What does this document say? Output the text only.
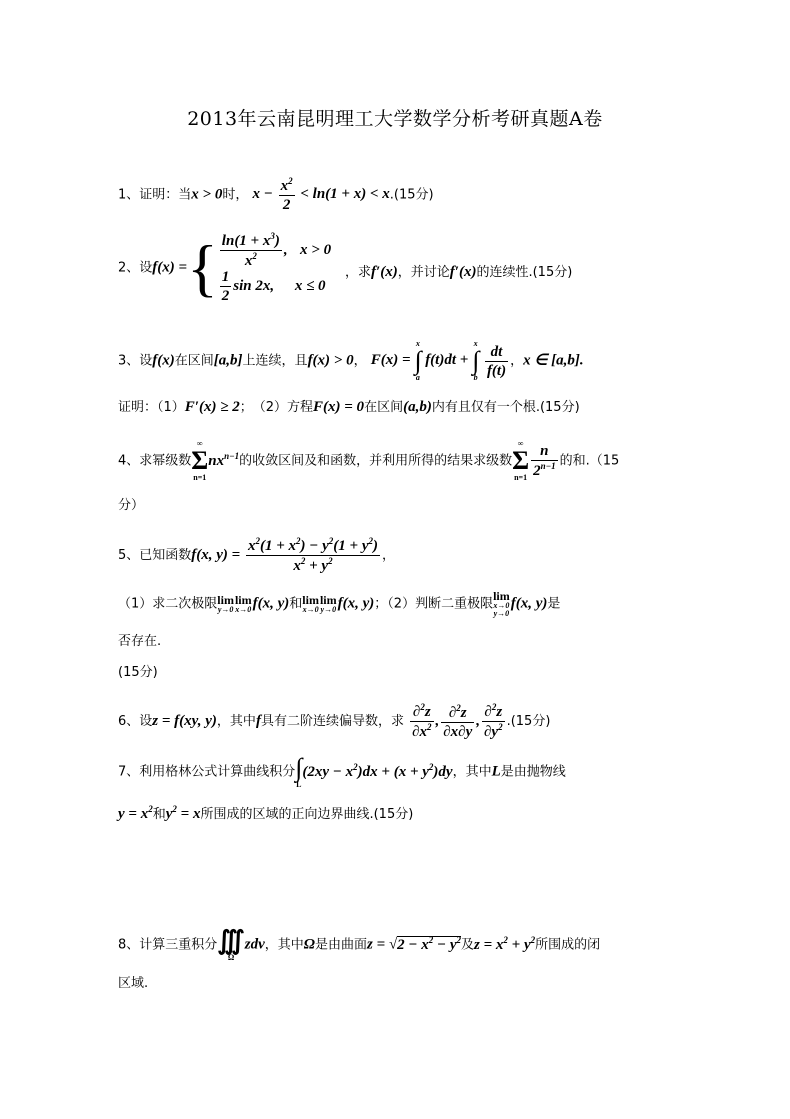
2013年云南昆明理工大学数学分析考研真题A卷
1、证明：当x > 0时， $x - \frac{x^2}{2} < \ln(1 + x) < x.(15$分)
2、设f(x) ={ $\frac{\ln(1 + x^3)}{x^2}$ ,
x > 0
$\frac{1}{2}$ sin 2x,
x ≤ 0
，求f′(x)，并讨论f′(x)的连续性.(15分)
3、设f(x)在区间[a,b]上连续，且f(x) > 0， F(x) =
x
∫
a
f(t)dt +
x
∫
b
$\frac{dt}{f(t)}$ ，x ∈ [a,b].
证明：（1）F′(x) ≥ 2；　（2）方程F(x) = 0在区间(a,b)内有且仅有一个根.(15分)
4、求幂级数
∞
Σ
n=1
$nx^{n-1}$的收敛区间及和函数，并利用所得的结果求级数
∞
Σ
$n=1 \frac{n}{2^{n-1}}$ 的和.（15
分）
5、已知函数f(x, $y) = \frac{x^2(1 + x^2) - y^2(1 + y^2)}{x^2 + y^2}$ ，
（1）求二次极限 lim
y→0
lim
x→0 f(x, y)和 lim
x→0
lim
y→0 f(x, y)；（2）判断二重极限
lim
x→0
y→0
f(x, y)是
否存在.
(15分)
6、设z = f(xy, y)，其中f具有二阶连续偏导数，求 $\frac{\partial^2z}{\partial x^2}$ , $\frac{\partial^2z}{\partial x\partial y}$ , $\frac{\partial^2z}{\partial y^2} .(15$分)
7、利用格林公式计算曲线积分∫
L
$(2xy - x^2)dx + (x + y^2)dy$，其中L是由抛物线
$y = x^2$和$y^2 = x$所围成的区域的正向边界曲线.(15分)
8、计算三重积分∭
Ω
zdv，其中Ω是由曲面$z = √2 - x^2 - y^2$及$z = x^2 + y^2$所围成的闭
区域.
